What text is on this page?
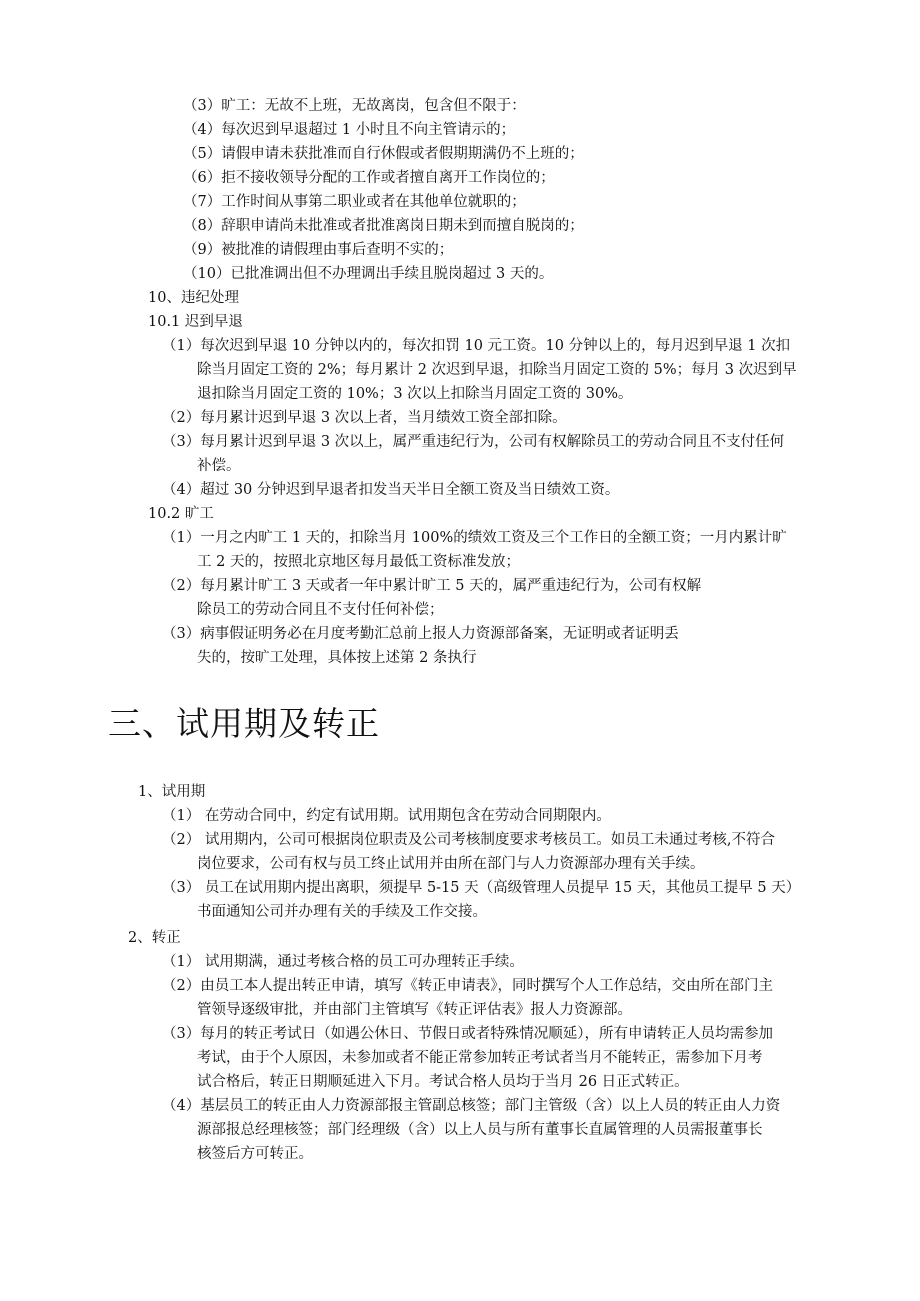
（3）旷工：无故不上班，无故离岗，包含但不限于：
（4）每次迟到早退超过 1 小时且不向主管请示的；
（5）请假申请未获批准而自行休假或者假期期满仍不上班的；
（6）拒不接收领导分配的工作或者擅自离开工作岗位的；
（7）工作时间从事第二职业或者在其他单位就职的；
（8）辞职申请尚未批准或者批准离岗日期未到而擅自脱岗的；
（9）被批准的请假理由事后查明不实的；
（10）已批准调出但不办理调出手续且脱岗超过 3 天的。
10、违纪处理
10.1 迟到早退
（1）每次迟到早退 10 分钟以内的，每次扣罚 10 元工资。10 分钟以上的，每月迟到早退 1 次扣
除当月固定工资的 2%；每月累计 2 次迟到早退，扣除当月固定工资的 5%；每月 3 次迟到早
退扣除当月固定工资的 10%；3 次以上扣除当月固定工资的 30%。
（2）每月累计迟到早退 3 次以上者，当月绩效工资全部扣除。
（3）每月累计迟到早退 3 次以上，属严重违纪行为，公司有权解除员工的劳动合同且不支付任何
补偿。
（4）超过 30 分钟迟到早退者扣发当天半日全额工资及当日绩效工资。
10.2 旷工
（1）一月之内旷工 1 天的，扣除当月 100%的绩效工资及三个工作日的全额工资；一月内累计旷
工 2 天的，按照北京地区每月最低工资标准发放；
（2）每月累计旷工 3 天或者一年中累计旷工 5 天的，属严重违纪行为，公司有权解
除员工的劳动合同且不支付任何补偿；
（3）病事假证明务必在月度考勤汇总前上报人力资源部备案，无证明或者证明丢
失的，按旷工处理，具体按上述第 2 条执行
三、试用期及转正
1、试用期
（1） 在劳动合同中，约定有试用期。试用期包含在劳动合同期限内。
（2） 试用期内，公司可根据岗位职责及公司考核制度要求考核员工。如员工未通过考核,不符合
岗位要求，公司有权与员工终止试用并由所在部门与人力资源部办理有关手续。
（3） 员工在试用期内提出离职，须提早 5-15 天（高级管理人员提早 15 天，其他员工提早 5 天）
书面通知公司并办理有关的手续及工作交接。
2、转正
（1） 试用期满，通过考核合格的员工可办理转正手续。
（2）由员工本人提出转正申请，填写《转正申请表》，同时撰写个人工作总结，交由所在部门主
管领导逐级审批，并由部门主管填写《转正评估表》报人力资源部。
（3）每月的转正考试日（如遇公休日、节假日或者特殊情况顺延），所有申请转正人员均需参加
考试，由于个人原因，未参加或者不能正常参加转正考试者当月不能转正，需参加下月考
试合格后，转正日期顺延进入下月。考试合格人员均于当月 26 日正式转正。
（4）基层员工的转正由人力资源部报主管副总核签；部门主管级（含）以上人员的转正由人力资
源部报总经理核签；部门经理级（含）以上人员与所有董事长直属管理的人员需报董事长
核签后方可转正。
